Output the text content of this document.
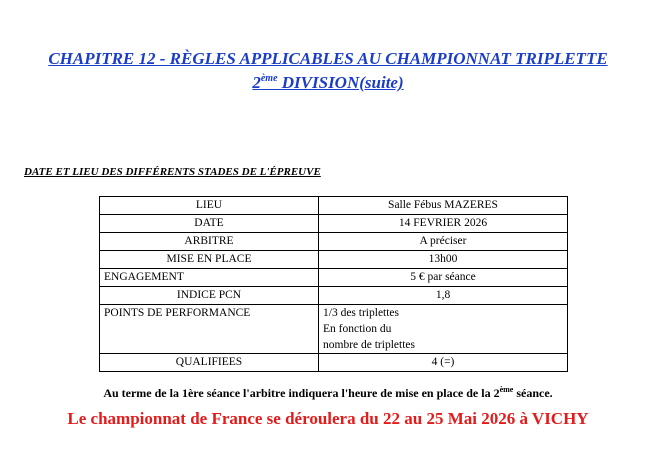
CHAPITRE 12 - RÈGLES APPLICABLES AU CHAMPIONNAT TRIPLETTE
2ème DIVISION(suite)

DATE ET LIEU DES DIFFÉRENTS STADES DE L'ÉPREUVE

LIEU	Salle Fébus MAZERES
DATE	14 FEVRIER 2026
ARBITRE	A préciser
MISE EN PLACE	13h00
ENGAGEMENT	5 € par séance
INDICE PCN	1,8
POINTS DE PERFORMANCE	1/3 des triplettes
En fonction du
nombre de triplettes

QUALIFIEES	4 (=)

Au terme de la 1ère séance l'arbitre indiquera l'heure de mise en place de la 2ème séance.

Le championnat de France se déroulera du 22 au 25 Mai 2026 à VICHY
